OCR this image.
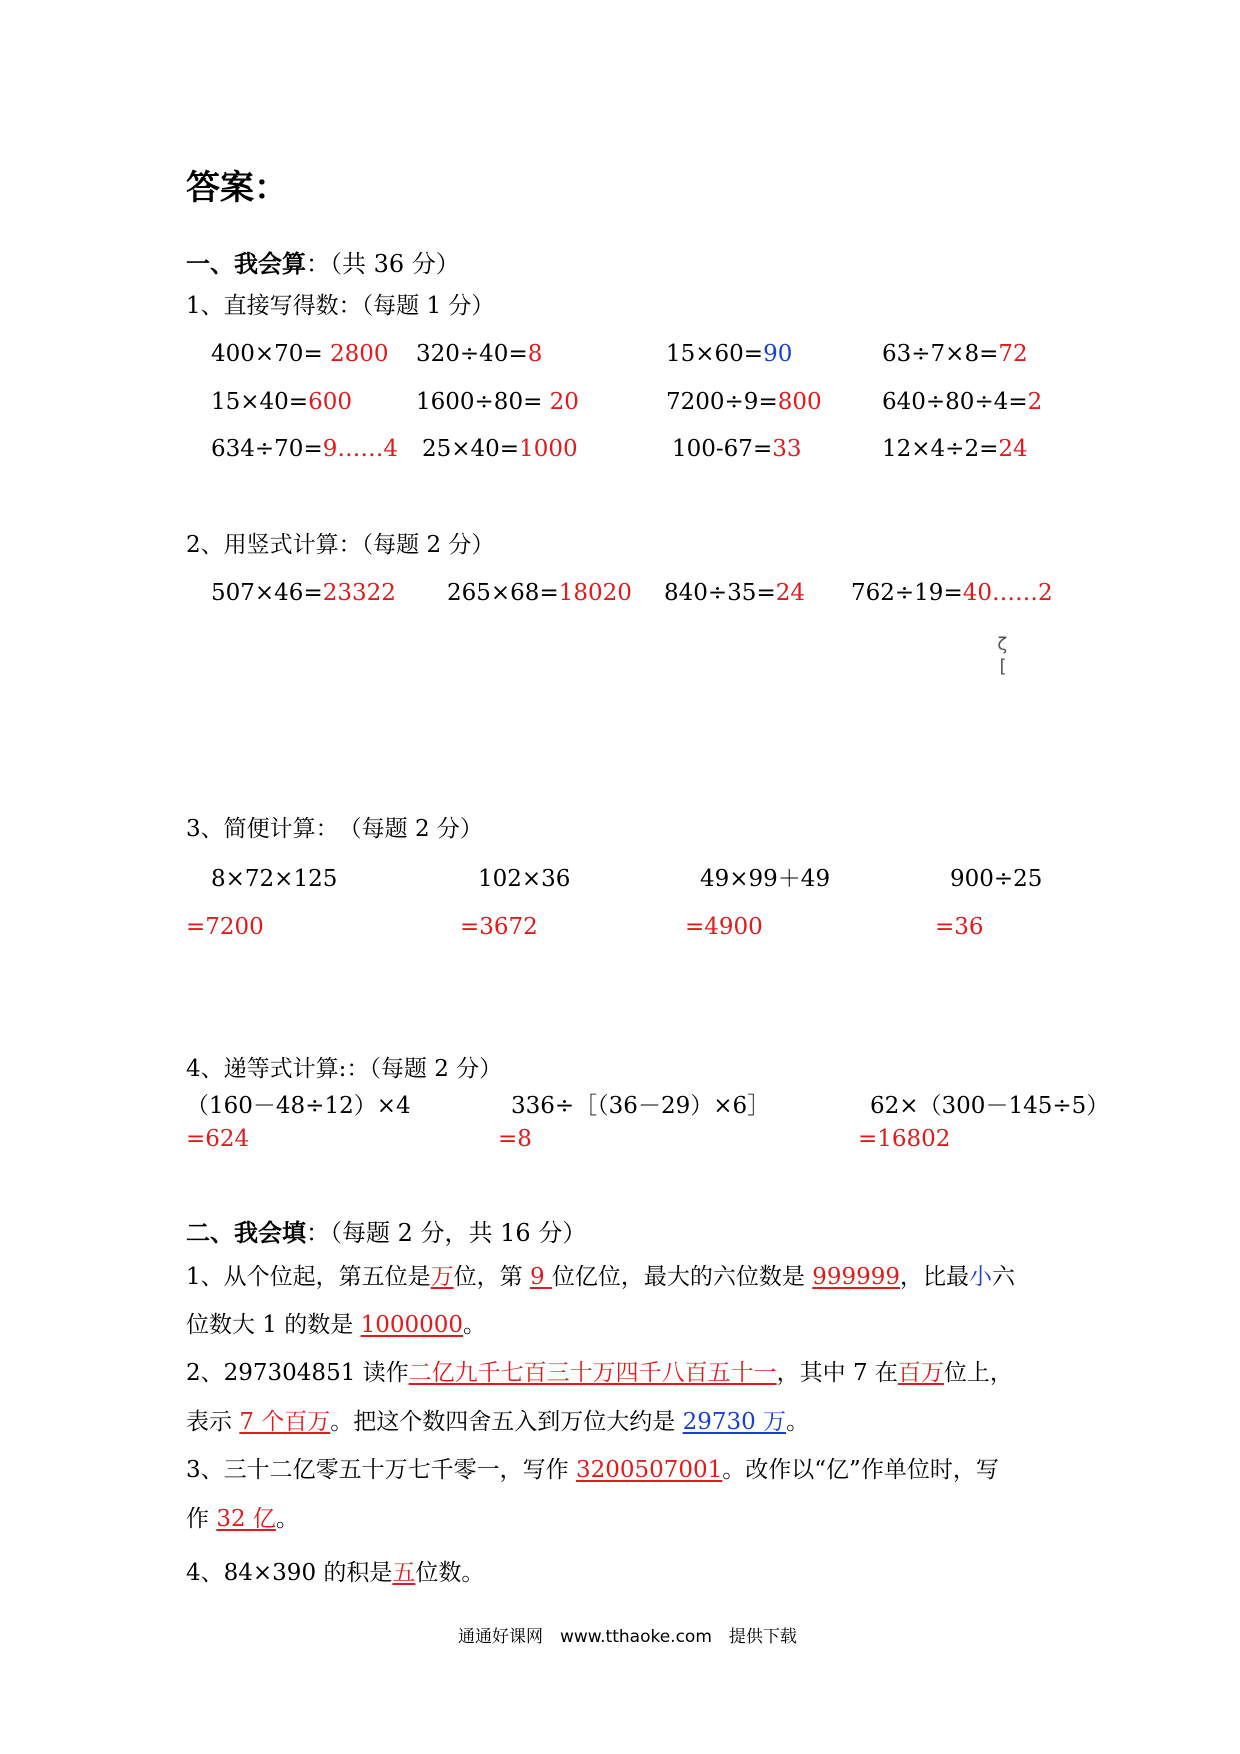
答案：
一、我会算：（共 36 分）
1、直接写得数：（每题 1 分）
2、用竖式计算：（每题 2 分）
ζ
[
3、简便计算：　（每题 2 分）
4、递等式计算:：（每题 2 分）
二、我会填：（每题 2 分，共 16 分）
1、从个位起，第五位是万位，第 9 位亿位，最大的六位数是 999999，比最小六
位数大 1 的数是 1000000。
2、297304851 读作二亿九千七百三十万四千八百五十一，其中 7 在百万位上，
表示 7 个百万。把这个数四舍五入到万位大约是 29730 万。
3、三十二亿零五十万七千零一，写作 3200507001。改作以“亿”作单位时，写
作 32 亿。
4、84×390 的积是五位数。
通通好课网　www.tthaoke.com　提供下载
400×70= 2800 320÷40=8	15×60=90	63÷7×8=72
15×40=600	1600÷80= 20	7200÷9=800	640÷80÷4=2
634÷70=9……4 25×40=1000	100-67=33	12×4÷2=24
507×46=23322 265×68=18020 840÷35=24 762÷19=40……2
8×72×125
=7200
102×36
=3672
49×99＋49
=4900
900÷25
=36
（160－48÷12）×4
=624
336÷［（36－29）×6］
=8
62×（300－145÷5）
=16802
